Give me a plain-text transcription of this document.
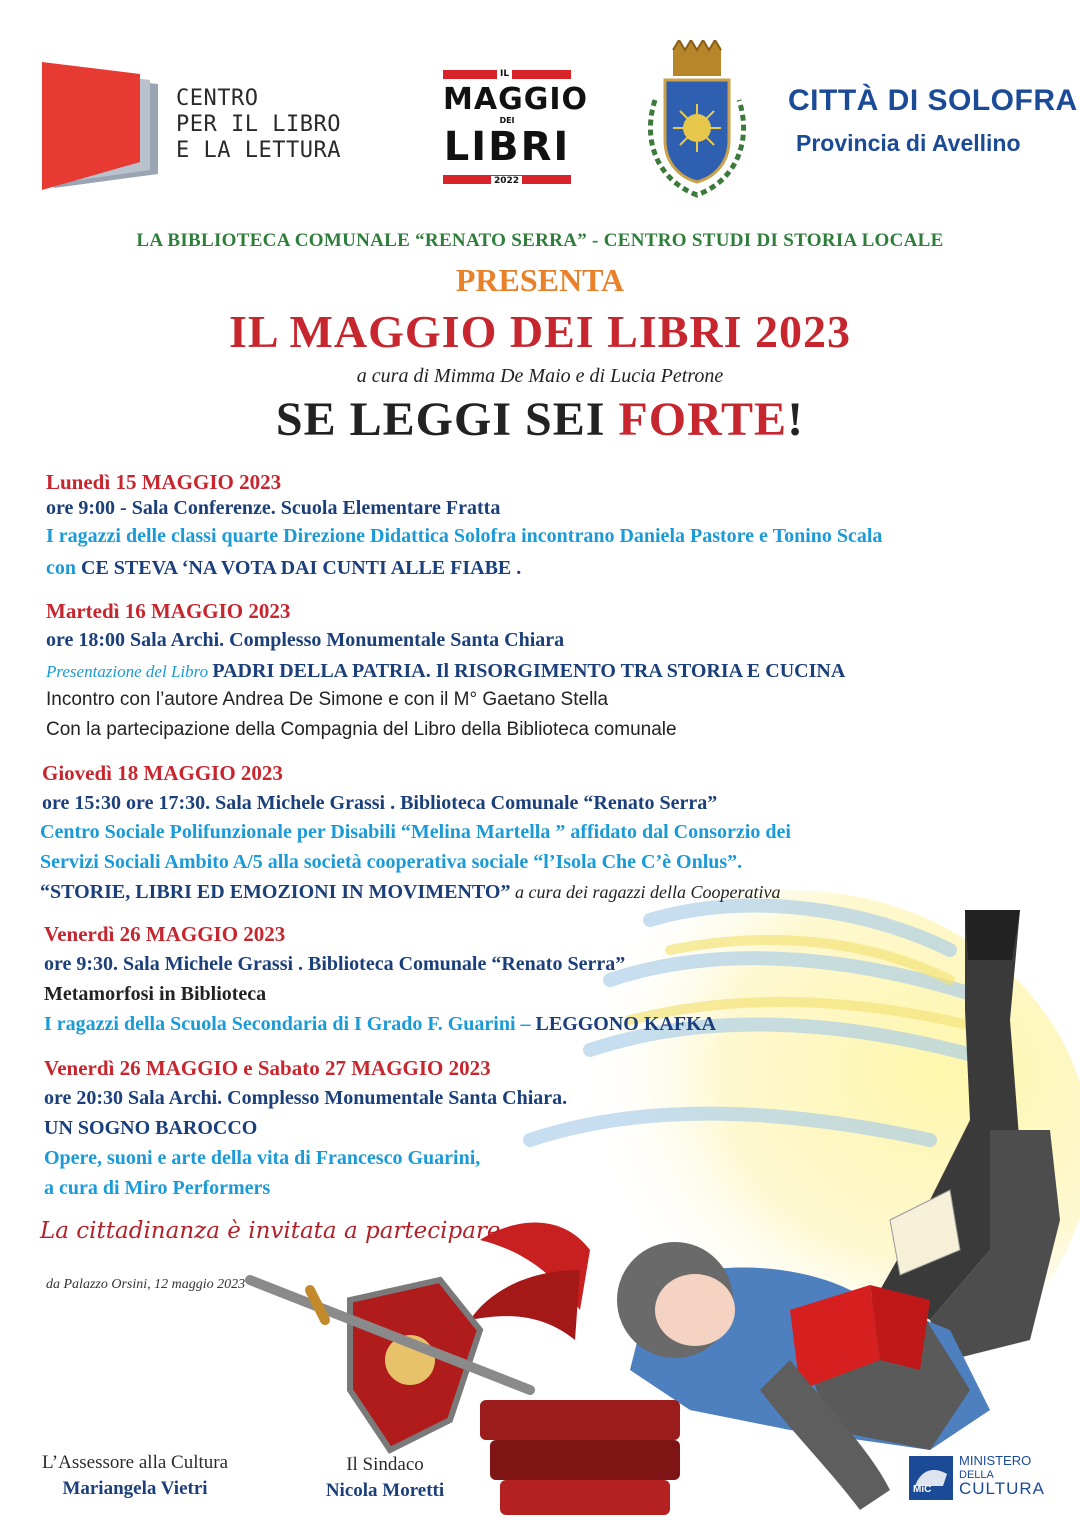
CENTRO
PER IL LIBRO
E LA LETTURA
IL
MAGGIO
DEI
LIBRI
2022
CITTÀ DI SOLOFRA
Provincia di Avellino
LA BIBLIOTECA COMUNALE “RENATO SERRA” - CENTRO STUDI DI STORIA LOCALE
PRESENTA
IL MAGGIO DEI LIBRI 2023
a cura di Mimma De Maio e di Lucia Petrone
SE LEGGI SEI FORTE!
Lunedì 15 MAGGIO 2023
ore 9:00 - Sala Conferenze. Scuola Elementare Fratta
I ragazzi delle classi quarte Direzione Didattica Solofra incontrano Daniela Pastore e Tonino Scala
con CE STEVA ‘NA VOTA DAI CUNTI ALLE FIABE .
Martedì 16 MAGGIO 2023
ore 18:00 Sala Archi. Complesso Monumentale Santa Chiara
Presentazione del Libro PADRI DELLA PATRIA. Il RISORGIMENTO TRA STORIA E CUCINA
Incontro con l’autore Andrea De Simone e con il M° Gaetano Stella
Con la partecipazione della Compagnia del Libro della Biblioteca comunale
Giovedì 18 MAGGIO 2023
ore 15:30 ore 17:30. Sala Michele Grassi . Biblioteca Comunale “Renato Serra”
Centro Sociale Polifunzionale per Disabili “Melina Martella ” affidato dal Consorzio dei
Servizi Sociali Ambito A/5 alla società cooperativa sociale “l’Isola Che C’è Onlus”.
“STORIE, LIBRI ED EMOZIONI IN MOVIMENTO” a cura dei ragazzi della Cooperativa
Venerdì 26 MAGGIO 2023
ore 9:30. Sala Michele Grassi . Biblioteca Comunale “Renato Serra”
Metamorfosi in Biblioteca
I ragazzi della Scuola Secondaria di I Grado F. Guarini – LEGGONO KAFKA
Venerdì 26 MAGGIO e Sabato 27 MAGGIO 2023
ore 20:30 Sala Archi. Complesso Monumentale Santa Chiara.
UN SOGNO BAROCCO
Opere, suoni e arte della vita di Francesco Guarini,
a cura di Miro Performers
La cittadinanza è invitata a partecipare
da Palazzo Orsini, 12 maggio 2023
L’Assessore alla Cultura
Mariangela Vietri
Il Sindaco
Nicola Moretti	MiC
MINISTERO
DELLA
CULTURA
